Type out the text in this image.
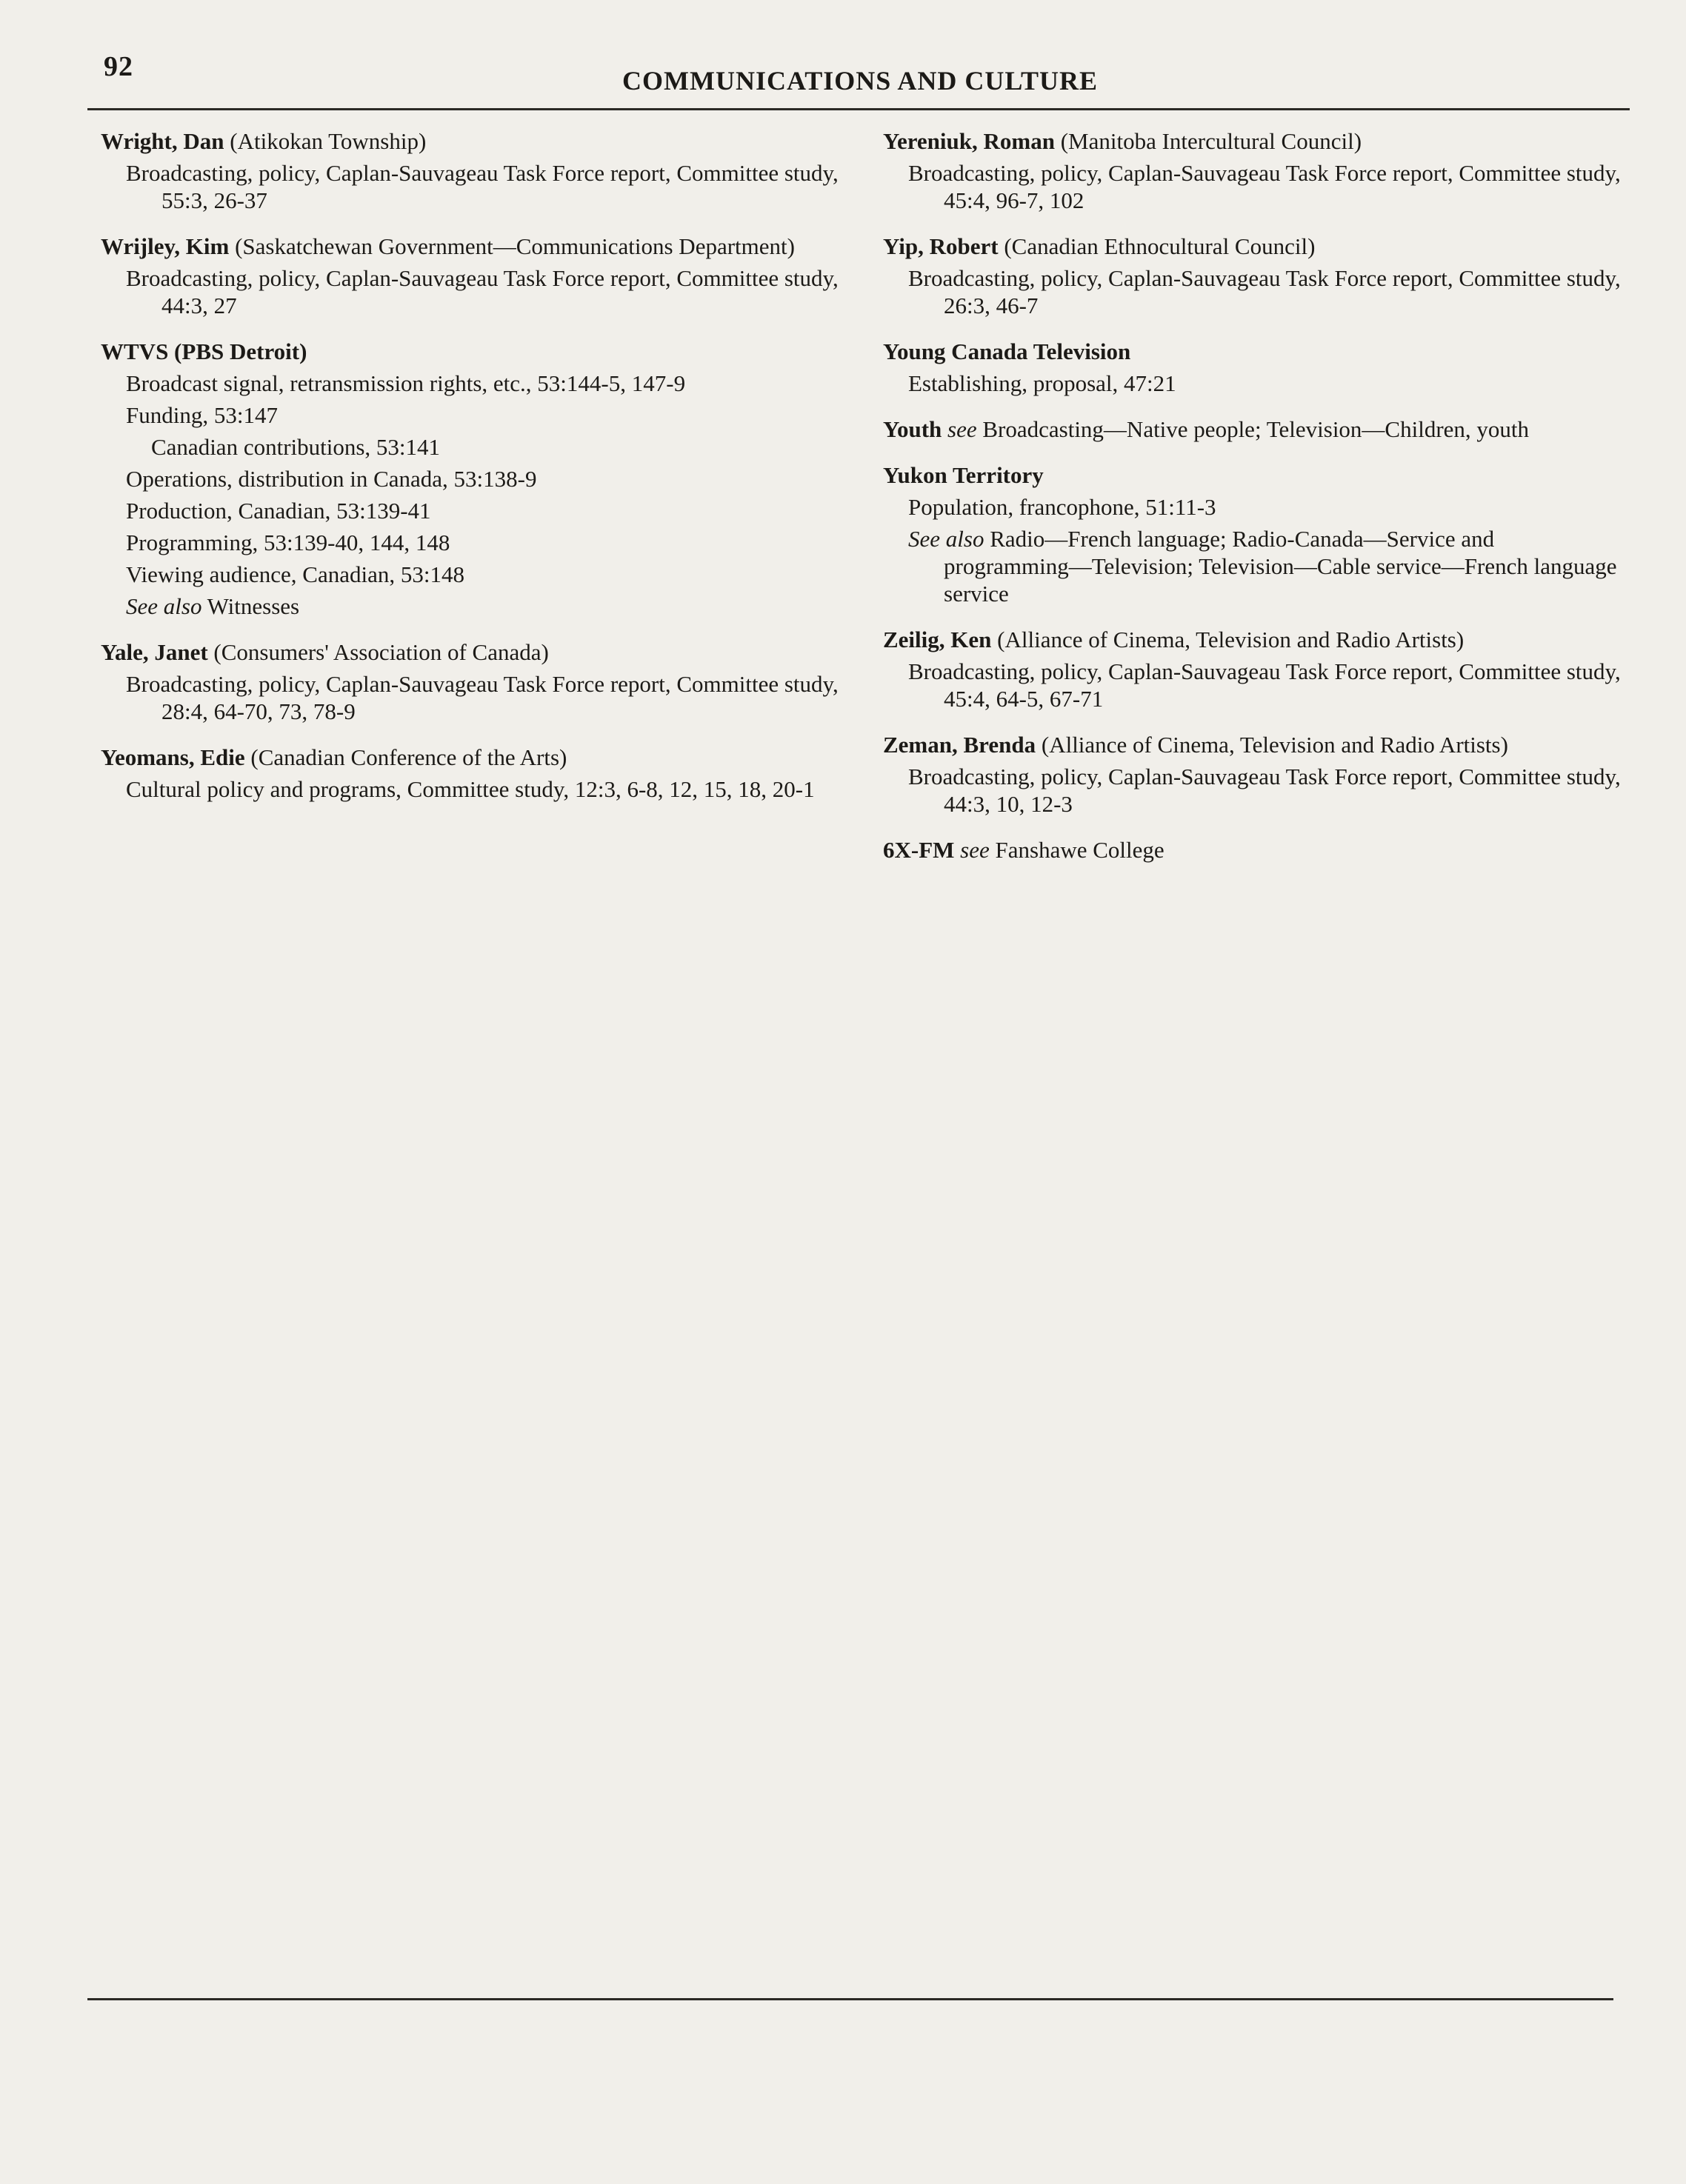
92	COMMUNICATIONS AND CULTURE
Wright, Dan (Atikokan Township)
Broadcasting, policy, Caplan-Sauvageau Task Force report, Committee study, 55:3, 26-37
Wrijley, Kim (Saskatchewan Government—Communications Department)
Broadcasting, policy, Caplan-Sauvageau Task Force report, Committee study, 44:3, 27
WTVS (PBS Detroit)
Broadcast signal, retransmission rights, etc., 53:144-5, 147-9
Funding, 53:147
Canadian contributions, 53:141
Operations, distribution in Canada, 53:138-9
Production, Canadian, 53:139-41
Programming, 53:139-40, 144, 148
Viewing audience, Canadian, 53:148
See also Witnesses
Yale, Janet (Consumers' Association of Canada)
Broadcasting, policy, Caplan-Sauvageau Task Force report, Committee study, 28:4, 64-70, 73, 78-9
Yeomans, Edie (Canadian Conference of the Arts)
Cultural policy and programs, Committee study, 12:3, 6-8, 12, 15, 18, 20-1
Yereniuk, Roman (Manitoba Intercultural Council)
Broadcasting, policy, Caplan-Sauvageau Task Force report, Committee study, 45:4, 96-7, 102
Yip, Robert (Canadian Ethnocultural Council)
Broadcasting, policy, Caplan-Sauvageau Task Force report, Committee study, 26:3, 46-7
Young Canada Television
Establishing, proposal, 47:21
Youth see Broadcasting—Native people; Television—Children, youth
Yukon Territory
Population, francophone, 51:11-3
See also Radio—French language; Radio-Canada—Service and programming—Television; Television—Cable service—French language service
Zeilig, Ken (Alliance of Cinema, Television and Radio Artists)
Broadcasting, policy, Caplan-Sauvageau Task Force report, Committee study, 45:4, 64-5, 67-71
Zeman, Brenda (Alliance of Cinema, Television and Radio Artists)
Broadcasting, policy, Caplan-Sauvageau Task Force report, Committee study, 44:3, 10, 12-3
6X-FM see Fanshawe College
